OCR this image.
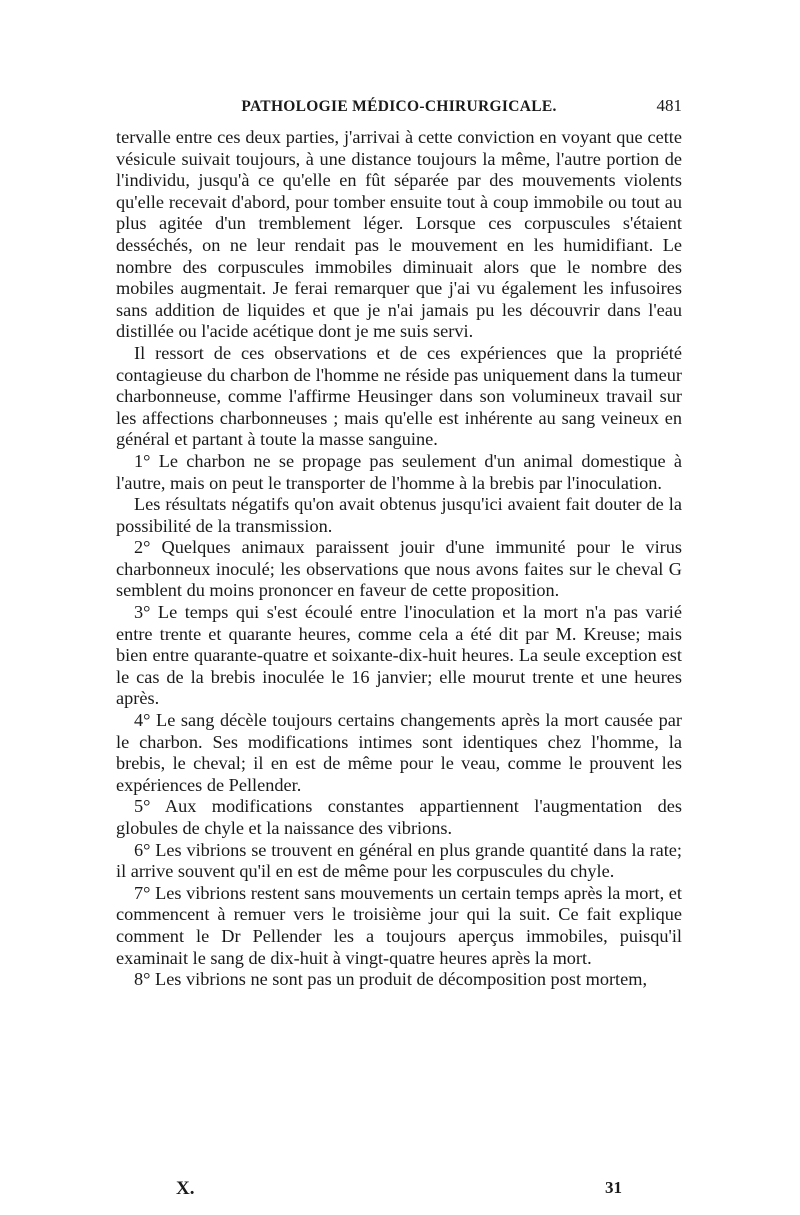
PATHOLOGIE MÉDICO-CHIRURGICALE.	481

tervalle entre ces deux parties, j'arrivai à cette conviction en voyant que cette vésicule suivait toujours, à une distance toujours la même, l'autre portion de l'individu, jusqu'à ce qu'elle en fût séparée par des mouvements violents qu'elle recevait d'abord, pour tomber ensuite tout à coup immobile ou tout au plus agitée d'un tremblement léger. Lorsque ces corpuscules s'étaient desséchés, on ne leur rendait pas le mouvement en les humidifiant. Le nombre des corpuscules immobiles diminuait alors que le nombre des mobiles augmentait. Je ferai remarquer que j'ai vu également les infusoires sans addition de liquides et que je n'ai jamais pu les découvrir dans l'eau distillée ou l'acide acétique dont je me suis servi.

Il ressort de ces observations et de ces expériences que la propriété contagieuse du charbon de l'homme ne réside pas uniquement dans la tumeur charbonneuse, comme l'affirme Heusinger dans son volumineux travail sur les affections charbonneuses ; mais qu'elle est inhérente au sang veineux en général et partant à toute la masse sanguine.

1° Le charbon ne se propage pas seulement d'un animal domestique à l'autre, mais on peut le transporter de l'homme à la brebis par l'inoculation.

Les résultats négatifs qu'on avait obtenus jusqu'ici avaient fait douter de la possibilité de la transmission.

2° Quelques animaux paraissent jouir d'une immunité pour le virus charbonneux inoculé; les observations que nous avons faites sur le cheval G semblent du moins prononcer en faveur de cette proposition.

3° Le temps qui s'est écoulé entre l'inoculation et la mort n'a pas varié entre trente et quarante heures, comme cela a été dit par M. Kreuse; mais bien entre quarante-quatre et soixante-dix-huit heures. La seule exception est le cas de la brebis inoculée le 16 janvier; elle mourut trente et une heures après.

4° Le sang décèle toujours certains changements après la mort causée par le charbon. Ses modifications intimes sont identiques chez l'homme, la brebis, le cheval; il en est de même pour le veau, comme le prouvent les expériences de Pellender.

5° Aux modifications constantes appartiennent l'augmentation des globules de chyle et la naissance des vibrions.

6° Les vibrions se trouvent en général en plus grande quantité dans la rate; il arrive souvent qu'il en est de même pour les corpuscules du chyle.

7° Les vibrions restent sans mouvements un certain temps après la mort, et commencent à remuer vers le troisième jour qui la suit. Ce fait explique comment le Dr Pellender les a toujours aperçus immobiles, puisqu'il examinait le sang de dix-huit à vingt-quatre heures après la mort.

8° Les vibrions ne sont pas un produit de décomposition post mortem,

X.	31
